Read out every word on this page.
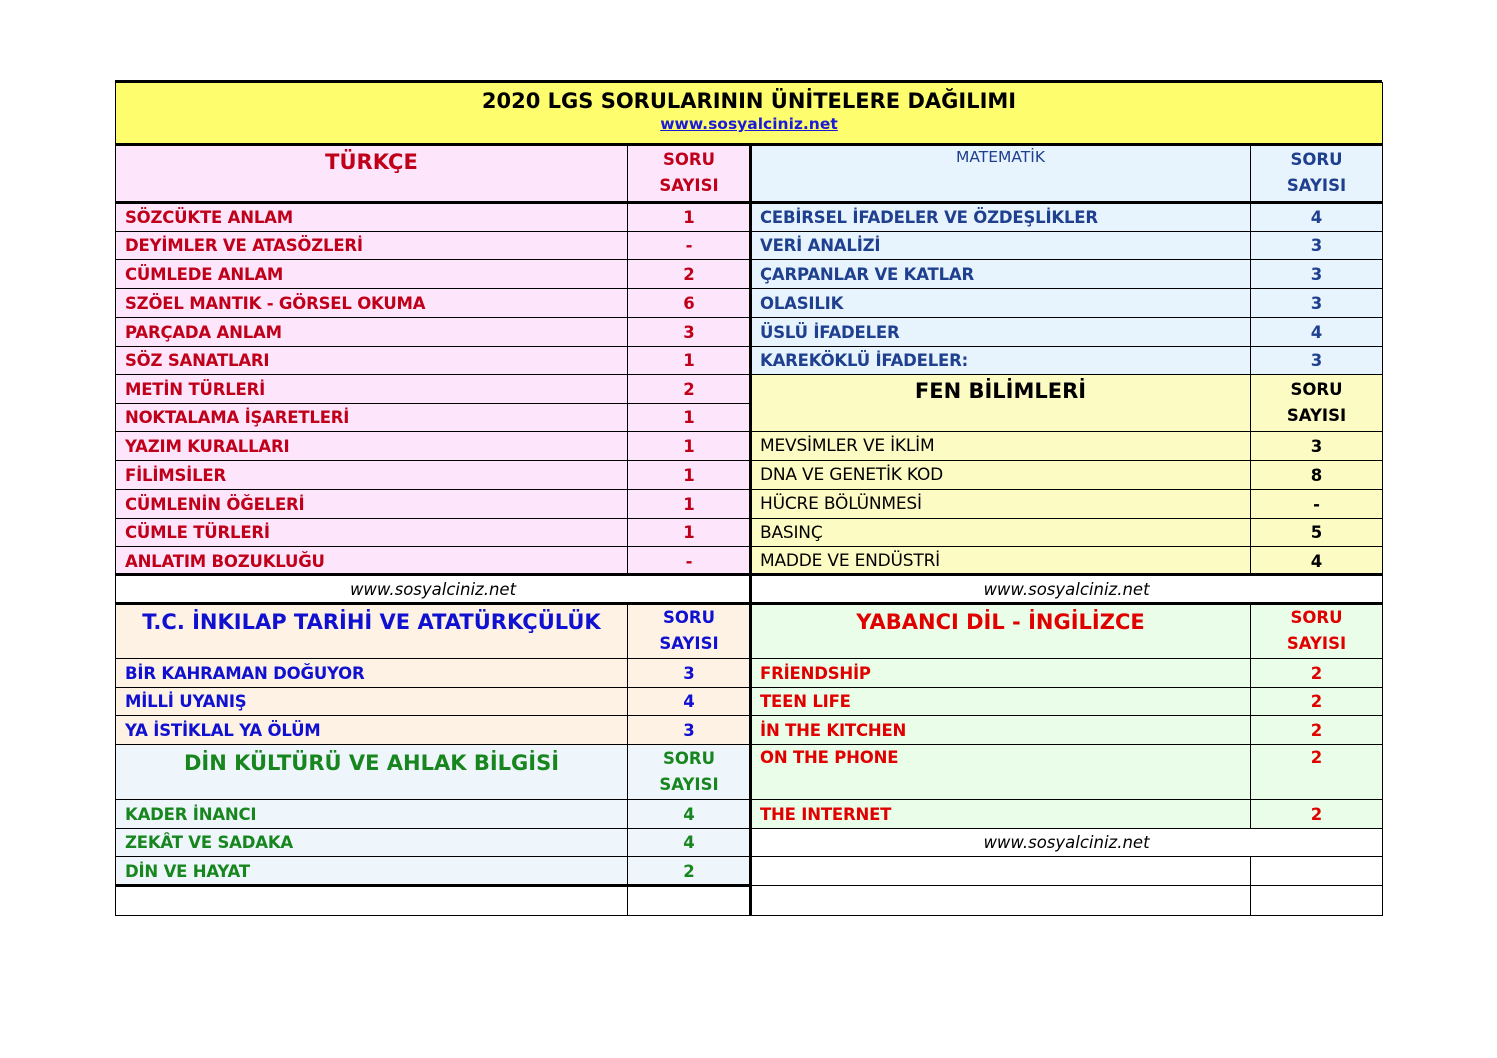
2020 LGS SORULARININ ÜNİTELERE DAĞILIMI
www.sosyalciniz.net
TÜRKÇE	SORU
SAYISI
MATEMATİK	SORU
SAYISI
SÖZCÜKTE ANLAM	1
DEYİMLER VE ATASÖZLERİ	-
CÜMLEDE ANLAM	2
SZÖEL MANTIK - GÖRSEL OKUMA	6
PARÇADA ANLAM	3
SÖZ SANATLARI	1
METİN TÜRLERİ	2
NOKTALAMA İŞARETLERİ	1
YAZIM KURALLARI	1
FİLİMSİLER	1
CÜMLENİN ÖĞELERİ	1
CÜMLE TÜRLERİ	1
ANLATIM BOZUKLUĞU	-
CEBİRSEL İFADELER VE ÖZDEŞLİKLER	4
VERİ ANALİZİ	3
ÇARPANLAR VE KATLAR	3
OLASILIK	3
ÜSLÜ İFADELER	4
KAREKÖKLÜ İFADELER:	3
FEN BİLİMLERİ	SORU
SAYISI
MEVSİMLER VE İKLİM	3
DNA VE GENETİK KOD	8
HÜCRE BÖLÜNMESİ	-
BASINÇ	5
MADDE VE ENDÜSTRİ	4
www.sosyalciniz.net	www.sosyalciniz.net
T.C. İNKILAP TARİHİ VE ATATÜRKÇÜLÜK	SORU
SAYISI
YABANCI DİL - İNGİLİZCE	SORU
SAYISI
BİR KAHRAMAN DOĞUYOR	3
MİLLİ UYANIŞ	4
YA İSTİKLAL YA ÖLÜM	3
FRİENDSHİP	2
TEEN LIFE	2
İN THE KITCHEN	2
ON THE PHONE	2
THE INTERNET	2
DİN KÜLTÜRÜ VE AHLAK BİLGİSİ	SORU
SAYISI
KADER İNANCI	4
ZEKÂT VE SADAKA	4
DİN VE HAYAT	2
www.sosyalciniz.net
